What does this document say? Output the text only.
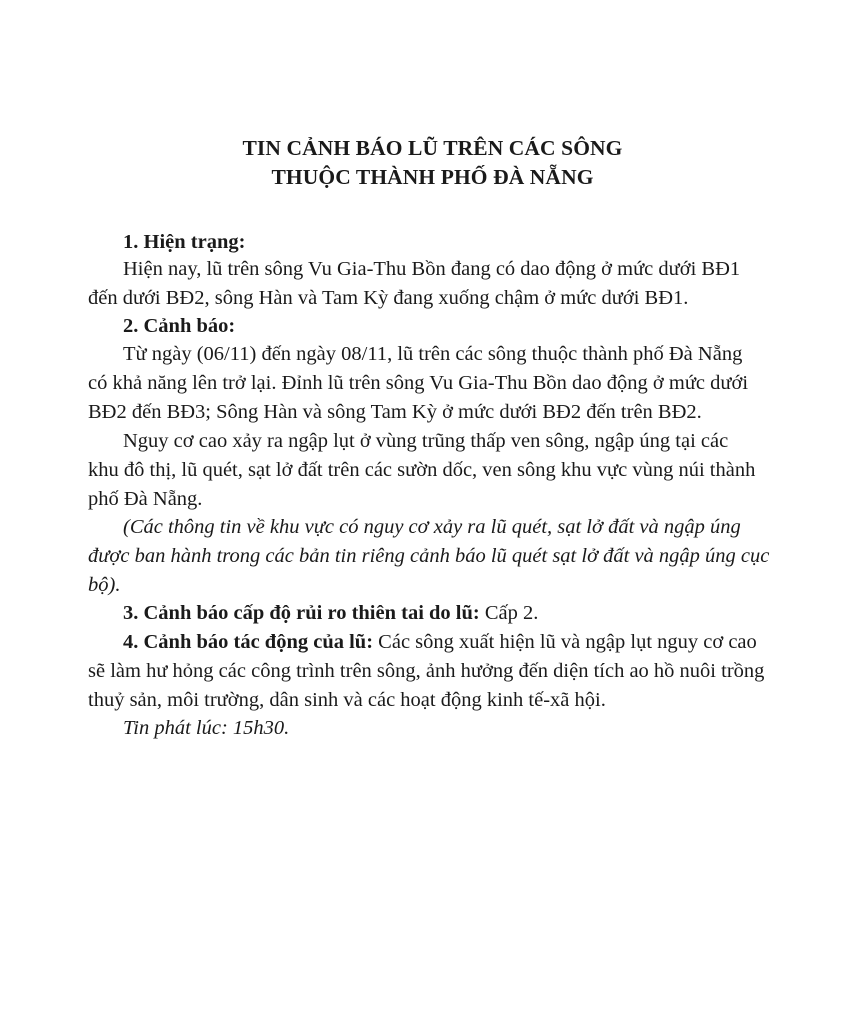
TIN CẢNH BÁO LŨ TRÊN CÁC SÔNG
THUỘC THÀNH PHỐ ĐÀ NẴNG
1. Hiện trạng:
Hiện nay, lũ trên sông Vu Gia-Thu Bồn đang có dao động ở mức dưới BĐ1
đến dưới BĐ2, sông Hàn và Tam Kỳ đang xuống chậm ở mức dưới BĐ1.
2. Cảnh báo:
Từ ngày (06/11) đến ngày 08/11, lũ trên các sông thuộc thành phố Đà Nẵng
có khả năng lên trở lại. Đỉnh lũ trên sông Vu Gia-Thu Bồn dao động ở mức dưới
BĐ2 đến BĐ3; Sông Hàn và sông Tam Kỳ ở mức dưới BĐ2 đến trên BĐ2.
Nguy cơ cao xảy ra ngập lụt ở vùng trũng thấp ven sông, ngập úng tại các
khu đô thị, lũ quét, sạt lở đất trên các sườn dốc, ven sông khu vực vùng núi thành
phố Đà Nẵng.
(Các thông tin về khu vực có nguy cơ xảy ra lũ quét, sạt lở đất và ngập úng
được ban hành trong các bản tin riêng cảnh báo lũ quét sạt lở đất và ngập úng cục
bộ).
3. Cảnh báo cấp độ rủi ro thiên tai do lũ: Cấp 2.
4. Cảnh báo tác động của lũ: Các sông xuất hiện lũ và ngập lụt nguy cơ cao
sẽ làm hư hỏng các công trình trên sông, ảnh hưởng đến diện tích ao hồ nuôi trồng
thuỷ sản, môi trường, dân sinh và các hoạt động kinh tế-xã hội.
Tin phát lúc: 15h30.
